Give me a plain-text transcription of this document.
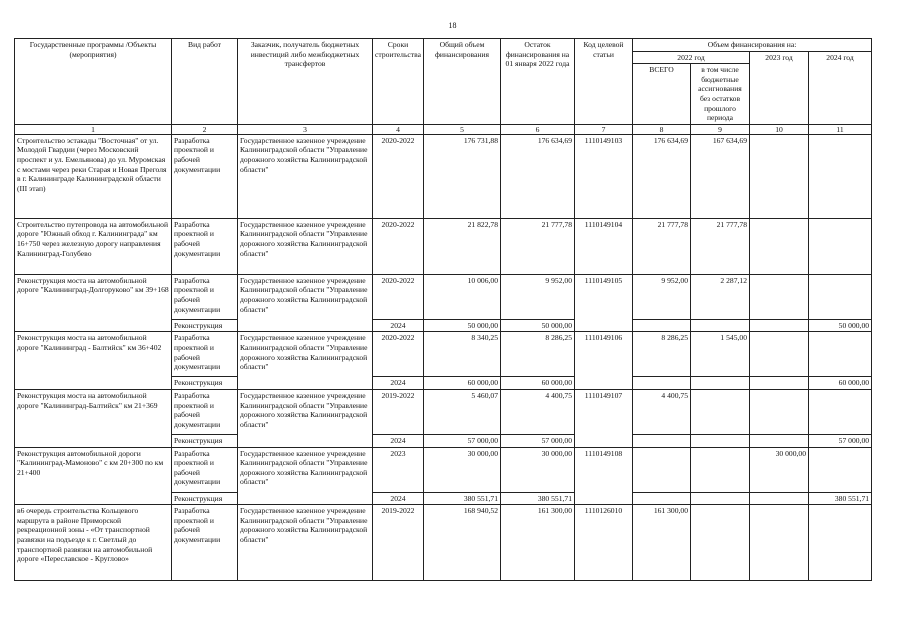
18
Государственные программы /Объекты (мероприятия)	Вид работ	Заказчик, получатель бюджетных инвестиций либо межбюджетных трансфертов	Сроки строительства	Общий объем финансирования	Остаток финансирования на 01 января 2022 года	Код целевой статьи	Объем финансирования на:			
							2022 год		2023 год	2024 год
							ВСЕГО	в том числе бюджетные ассигнования без остатков прошлого периода		
1	2	3	4	5	6	7	8	9	10	11
Строительство эстакады "Восточная" от ул. Молодой Гвардии (через Московский проспект и ул. Емельянова) до ул. Муромская с мостами через реки Старая и Новая Преголя в г. Калининграде Калининградской области (III этап)	Разработка проектной и рабочей документации	Государственное казенное учреждение Калининградской области "Управление дорожного хозяйства Калининградской области"	2020-2022	176 731,88	176 634,69	1110149103	176 634,69	167 634,69		
Строительство путепровода на автомобильной дороге "Южный обход г. Калининграда" км 16+750 через железную дорогу направления Калининград-Голубево	Разработка проектной и рабочей документации	Государственное казенное учреждение Калининградской области "Управление дорожного хозяйства Калининградской области"	2020-2022	21 822,78	21 777,78	1110149104	21 777,78	21 777,78		
Реконструкция моста на автомобильной дороге "Калининград-Долгоруково" км 39+168	Разработка проектной и рабочей документации	Государственное казенное учреждение Калининградской области "Управление дорожного хозяйства Калининградской области"	2020-2022	10 006,00	9 952,00	1110149105	9 952,00	2 287,12		
	Реконструкция		2024	50 000,00	50 000,00					50 000,00
Реконструкция моста на автомобильной дороге "Калининград - Балтийск" км 36+402	Разработка проектной и рабочей документации	Государственное казенное учреждение Калининградской области "Управление дорожного хозяйства Калининградской области"	2020-2022	8 340,25	8 286,25	1110149106	8 286,25	1 545,00		
	Реконструкция		2024	60 000,00	60 000,00					60 000,00
Реконструкция моста на автомобильной дороге "Калининград-Балтийск" км 21+369	Разработка проектной и рабочей документации	Государственное казенное учреждение Калининградской области "Управление дорожного хозяйства Калининградской области"	2019-2022	5 460,07	4 400,75	1110149107	4 400,75			
	Реконструкция		2024	57 000,00	57 000,00					57 000,00
Реконструкция автомобильной дороги "Калининград-Мамоново" с км 20+300 по км 21+400	Разработка проектной и рабочей документации	Государственное казенное учреждение Калининградской области "Управление дорожного хозяйства Калининградской области"	2023	30 000,00	30 000,00	1110149108			30 000,00	
	Реконструкция		2024	380 551,71	380 551,71					380 551,71
в6 очередь строительства Кольцевого маршрута в районе Приморской рекреационной зоны - «От транспортной развязки на подъезде к г. Светлый до транспортной развязки на автомобильной дороге «Переславское - Круглово»	Разработка проектной и рабочей документации	Государственное казенное учреждение Калининградской области "Управление дорожного хозяйства Калининградской области"	2019-2022	168 940,52	161 300,00	1110126010	161 300,00			
